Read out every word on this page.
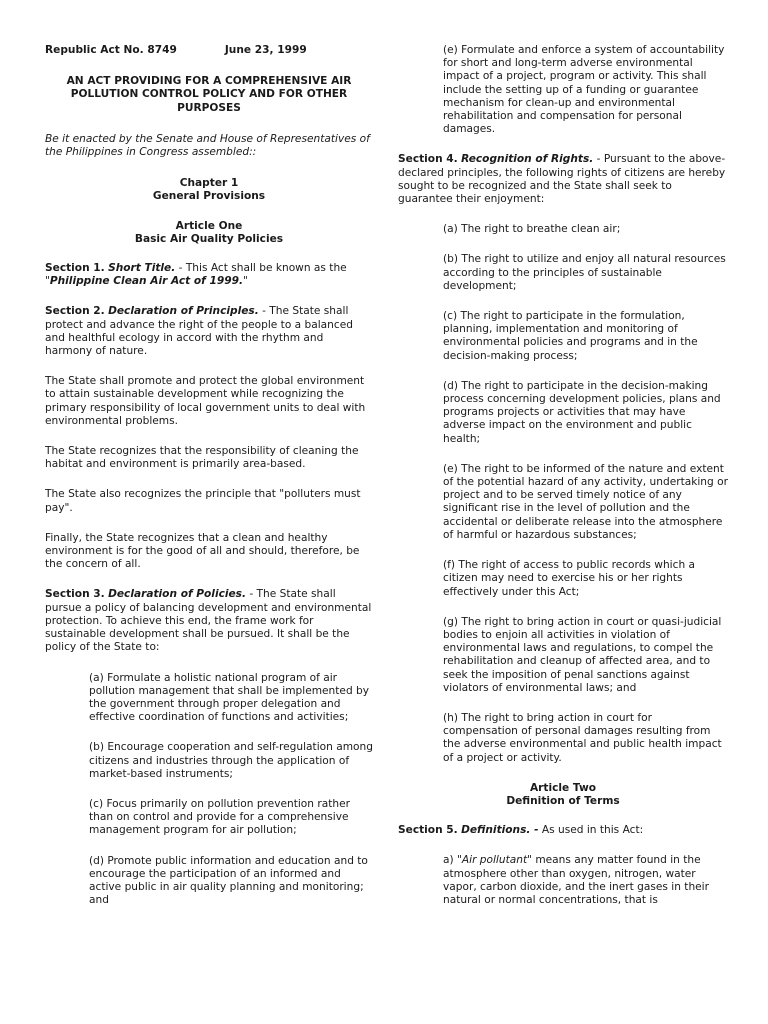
Republic Act No. 8749	June 23, 1999

AN ACT PROVIDING FOR A COMPREHENSIVE AIR POLLUTION CONTROL POLICY AND FOR OTHER PURPOSES

Be it enacted by the Senate and House of Representatives of the Philippines in Congress assembled::

Chapter 1
General Provisions

Article One
Basic Air Quality Policies

Section 1. Short Title. - This Act shall be known as the "Philippine Clean Air Act of 1999."

Section 2. Declaration of Principles. - The State shall protect and advance the right of the people to a balanced and healthful ecology in accord with the rhythm and harmony of nature.

The State shall promote and protect the global environment to attain sustainable development while recognizing the primary responsibility of local government units to deal with environmental problems.

The State recognizes that the responsibility of cleaning the habitat and environment is primarily area-based.

The State also recognizes the principle that "polluters must pay".

Finally, the State recognizes that a clean and healthy environment is for the good of all and should, therefore, be the concern of all.

Section 3. Declaration of Policies. - The State shall pursue a policy of balancing development and environmental protection. To achieve this end, the frame work for sustainable development shall be pursued. It shall be the policy of the State to:

(a) Formulate a holistic national program of air pollution management that shall be implemented by the government through proper delegation and effective coordination of functions and activities;

(b) Encourage cooperation and self-regulation among citizens and industries through the application of market-based instruments;

(c) Focus primarily on pollution prevention rather than on control and provide for a comprehensive management program for air pollution;

(d) Promote public information and education and to encourage the participation of an informed and active public in air quality planning and monitoring; and

(e) Formulate and enforce a system of accountability for short and long-term adverse environmental impact of a project, program or activity. This shall include the setting up of a funding or guarantee mechanism for clean-up and environmental rehabilitation and compensation for personal damages.

Section 4. Recognition of Rights. - Pursuant to the above-declared principles, the following rights of citizens are hereby sought to be recognized and the State shall seek to guarantee their enjoyment:

(a) The right to breathe clean air;

(b) The right to utilize and enjoy all natural resources according to the principles of sustainable development;

(c) The right to participate in the formulation, planning, implementation and monitoring of environmental policies and programs and in the decision-making process;

(d) The right to participate in the decision-making process concerning development policies, plans and programs projects or activities that may have adverse impact on the environment and public health;

(e) The right to be informed of the nature and extent of the potential hazard of any activity, undertaking or project and to be served timely notice of any significant rise in the level of pollution and the accidental or deliberate release into the atmosphere of harmful or hazardous substances;

(f) The right of access to public records which a citizen may need to exercise his or her rights effectively under this Act;

(g) The right to bring action in court or quasi-judicial bodies to enjoin all activities in violation of environmental laws and regulations, to compel the rehabilitation and cleanup of affected area, and to seek the imposition of penal sanctions against violators of environmental laws; and

(h) The right to bring action in court for compensation of personal damages resulting from the adverse environmental and public health impact of a project or activity.

Article Two
Definition of Terms

Section 5. Definitions. - As used in this Act:

a) "Air pollutant" means any matter found in the atmosphere other than oxygen, nitrogen, water vapor, carbon dioxide, and the inert gases in their natural or normal concentrations, that is
